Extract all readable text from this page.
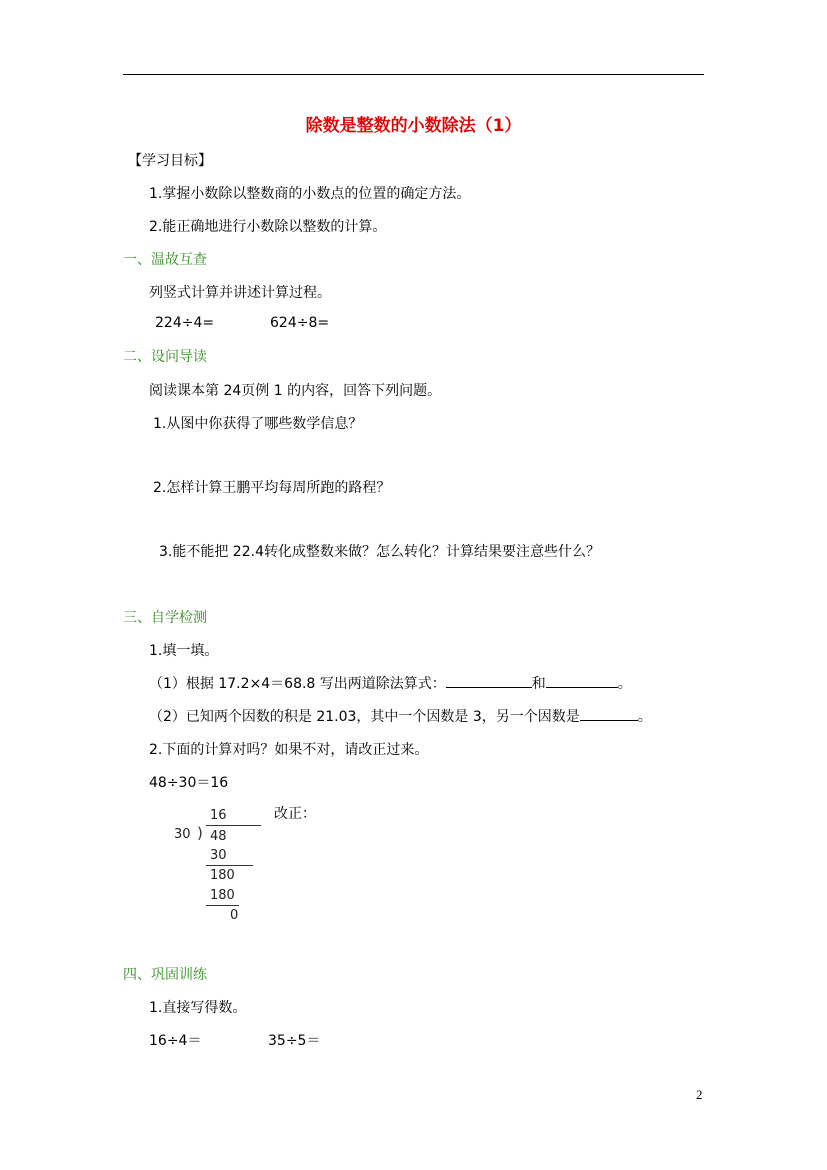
除数是整数的小数除法（1）
【学习目标】
1.掌握小数除以整数商的小数点的位置的确定方法。
2.能正确地进行小数除以整数的计算。
一、温故互查
列竖式计算并讲述计算过程。
224÷4=	624÷8=
二、设问导读
阅读课本第 24页例 1 的内容，回答下列问题。
1.从图中你获得了哪些数学信息？
2.怎样计算王鹏平均每周所跑的路程？
3.能不能把 22.4转化成整数来做？怎么转化？计算结果要注意些什么？
三、自学检测
1.填一填。
（1）根据 17.2×4＝68.8 写出两道除法算式：	和	。
（2）已知两个因数的积是 21.03，其中一个因数是 3，另一个因数是	。
2.下面的计算对吗？如果不对，请改正过来。
48÷30＝16
改正：
16
30 ) 48
30
180
180
0
四、巩固训练
1.直接写得数。
16÷4＝	35÷5＝
2
